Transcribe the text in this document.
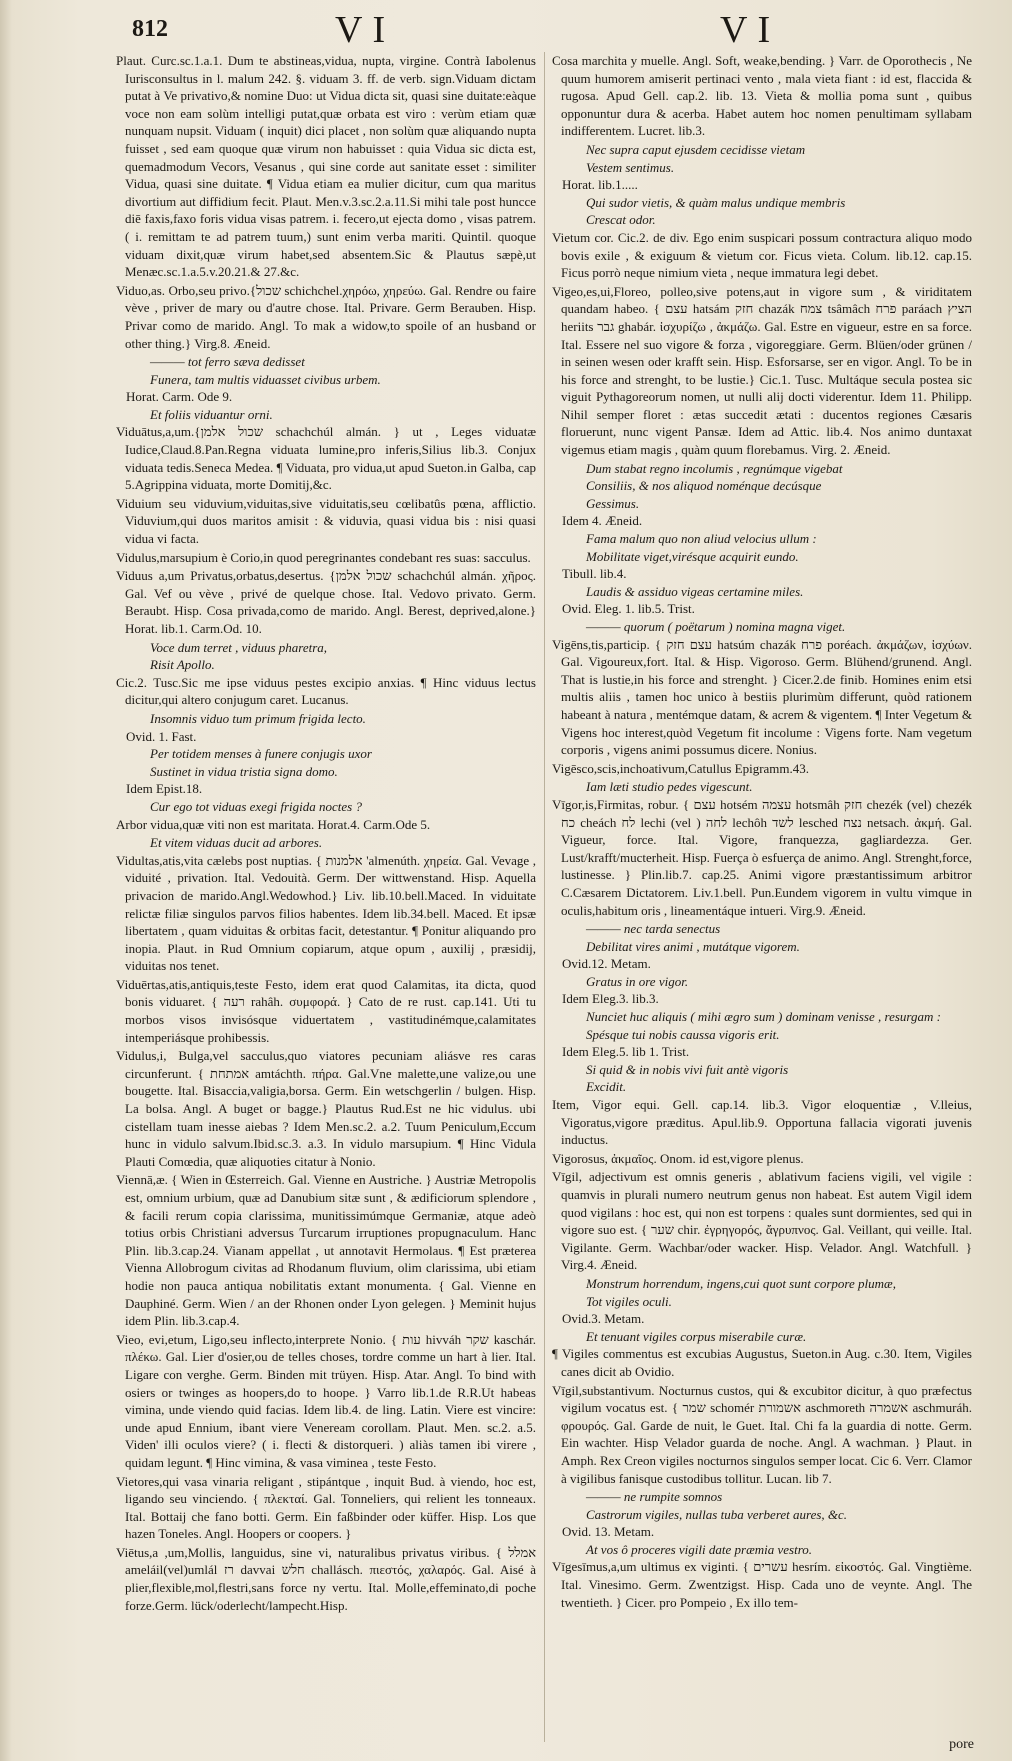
812	VI	VI
Plaut. Curc.sc.1.a.1. Dum te abstineas,vidua, nupta, virgine. Contrà Iabolenus Iurisconsultus in l. malum 242. §. viduam 3. ff. de verb. sign.Viduam dictam putat à Ve privativo,& nomine Duo: ut Vidua dicta sit, quasi sine duitate:eàque voce non eam solùm intelligi putat,quæ orbata est viro : verùm etiam quæ nunquam nupsit. Viduam ( inquit) dici placet , non solùm quæ aliquando nupta fuisset , sed eam quoque quæ virum non habuisset : quia Vidua sic dicta est, quemadmodum Vecors, Vesanus , qui sine corde aut sanitate esset : similiter Vidua, quasi sine duitate. ¶ Vidua etiam ea mulier dicitur, cum qua maritus divortium aut diffidium fecit. Plaut. Men.v.3.sc.2.a.11.Si mihi tale post huncce diē faxis,faxo foris vidua visas patrem. i. fecero,ut ejecta domo , visas patrem. ( i. remittam te ad patrem tuum,) sunt enim verba mariti. Quintil. quoque viduam dixit,quæ virum habet,sed absentem.Sic & Plautus sæpè,ut Menæc.sc.1.a.5.v.20.21.& 27.&c.
Viduo,as. Orbo,seu privo.{שכול schichchel.χηρόω, χηρεύω. Gal. Rendre ou faire vève , priver de mary ou d'autre chose. Ital. Privare. Germ Berauben. Hisp. Privar como de marido. Angl. To mak a widow,to spoile of an husband or other thing.} Virg.8. Æneid.
——— tot ferro sæva dedisset
Funera, tam multis viduasset civibus urbem.
Horat. Carm. Ode 9.
Et foliis viduantur orni.
Viduātus,a,um.{שכול אלמן schachchúl almán. } ut , Leges viduatæ Iudice,Claud.8.Pan.Regna viduata lumine,pro inferis,Silius lib.3. Conjux viduata tedis.Seneca Medea. ¶ Viduata, pro vidua,ut apud Sueton.in Galba, cap 5.Agrippina viduata, morte Domitij,&c.
Viduium seu viduvium,viduitas,sive viduitatis,seu cœlibatûs pœna, afflictio. Viduvium,qui duos maritos amisit : & viduvia, quasi vidua bis : nisi quasi vidua vi facta.
Vidulus,marsupium è Corio,in quod peregrinantes condebant res suas: sacculus.
Viduus a,um Privatus,orbatus,desertus. {שכול אלמן schachchúl almán. χῆρος. Gal. Vef ou vève , privé de quelque chose. Ital. Vedovo privato. Germ. Beraubt. Hisp. Cosa privada,como de marido. Angl. Berest, deprived,alone.} Horat. lib.1. Carm.Od. 10.
Voce dum terret , viduus pharetra,
Risit Apollo.
Cic.2. Tusc.Sic me ipse viduus pestes excipio anxias. ¶ Hinc viduus lectus dicitur,qui altero conjugum caret. Lucanus.
Insomnis viduo tum primum frigida lecto.
Ovid. 1. Fast.
Per totidem menses à funere conjugis uxor
Sustinet in vidua tristia signa domo.
Idem Epist.18.
Cur ego tot viduas exegi frigida noctes ?
Arbor vidua,quæ viti non est maritata. Horat.4. Carm.Ode 5.
Et vitem viduas ducit ad arbores.
Vidultas,atis,vita cælebs post nuptias. { אלמנות 'almenúth. χηρεία. Gal. Vevage , viduité , privation. Ital. Vedouità. Germ. Der wittwenstand. Hisp. Aquella privacion de marido.Angl.Wedowhod.} Liv. lib.10.bell.Maced. In viduitate relictæ filiæ singulos parvos filios habentes. Idem lib.34.bell. Maced. Et ipsæ libertatem , quam viduitas & orbitas facit, detestantur. ¶ Ponitur aliquando pro inopia. Plaut. in Rud Omnium copiarum, atque opum , auxilij , præsidij, viduitas nos tenet.
Viduērtas,atis,antiquis,teste Festo, idem erat quod Calamitas, ita dicta, quod bonis viduaret. { רעה rahâh. συμφορά. } Cato de re rust. cap.141. Uti tu morbos visos invisósque viduertatem , vastitudinémque,calamitates intemperiásque prohibessis.
Vidulus,i, Bulga,vel sacculus,quo viatores pecuniam aliásve res caras circunferunt. { אמתחת amtáchth. πήρα. Gal.Vne malette,une valize,ou une bougette. Ital. Bisaccia,valigia,borsa. Germ. Ein wetschgerlin / bulgen. Hisp. La bolsa. Angl. A buget or bagge.} Plautus Rud.Est ne hic vidulus. ubi cistellam tuam inesse aiebas ? Idem Men.sc.2. a.2. Tuum Peniculum,Eccum hunc in vidulo salvum.Ibid.sc.3. a.3. In vidulo marsupium. ¶ Hinc Vidula Plauti Comœdia, quæ aliquoties citatur à Nonio.
Viennā,æ. { Wien in Œsterreich. Gal. Vienne en Austriche. } Austriæ Metropolis est, omnium urbium, quæ ad Danubium sitæ sunt , & ædificiorum splendore , & facili rerum copia clarissima, munitissimúmque Germaniæ, atque adeò totius orbis Christiani adversus Turcarum irruptiones propugnaculum. Hanc Plin. lib.3.cap.24. Vianam appellat , ut annotavit Hermolaus. ¶ Est præterea Vienna Allobrogum civitas ad Rhodanum fluvium, olim clarissima, ubi etiam hodie non pauca antiqua nobilitatis extant monumenta. { Gal. Vienne en Dauphiné. Germ. Wien / an der Rhonen onder Lyon gelegen. } Meminit hujus idem Plin. lib.3.cap.4.
Vieo, evi,etum, Ligo,seu inflecto,interprete Nonio. { עות hivváh שקר kaschár. πλέκω. Gal. Lier d'osier,ou de telles choses, tordre comme un hart à lier. Ital. Ligare con verghe. Germ. Binden mit trüyen. Hisp. Atar. Angl. To bind with osiers or twinges as hoopers,do to hoope. } Varro lib.1.de R.R.Ut habeas vimina, unde viendo quid facias. Idem lib.4. de ling. Latin. Viere est vincire: unde apud Ennium, ibant viere Veneream corollam. Plaut. Men. sc.2. a.5. Viden' illi oculos viere? ( i. flecti & distorqueri. ) aliàs tamen ibi virere , quidam legunt. ¶ Hinc vimina, & vasa viminea , teste Festo.
Vietores,qui vasa vinaria religant , stipántque , inquit Bud. à viendo, hoc est, ligando seu vinciendo. { πλεκταί. Gal. Tonneliers, qui relient les tonneaux. Ital. Bottaij che fano botti. Germ. Ein faßbinder oder küffer. Hisp. Los que hazen Toneles. Angl. Hoopers or coopers. }
Viētus,a ,um,Mollis, languidus, sine vi, naturalibus privatus viribus. { אמלל ameláil(vel)umlál רז davvai חלש challásch. πιεστός, χαλαρός. Gal. Aisé à plier,flexible,mol,flestri,sans force ny vertu. Ital. Molle,effeminato,di poche forze.Germ. lück/oderlecht/lampecht.Hisp.
Cosa marchita y muelle. Angl. Soft, weake,bending. } Varr. de Oporothecis , Ne quum humorem amiserit pertinaci vento , mala vieta fiant : id est, flaccida & rugosa. Apud Gell. cap.2. lib. 13. Vieta & mollia poma sunt , quibus opponuntur dura & acerba. Habet autem hoc nomen penultimam syllabam indifferentem. Lucret. lib.3.
Nec supra caput ejusdem cecidisse vietam
Vestem sentimus.
Horat. lib.1.....
Qui sudor vietis, & quàm malus undique membris
Crescat odor.
Vietum cor. Cic.2. de div. Ego enim suspicari possum contractura aliquo modo bovis exile , & exiguum & vietum cor. Ficus vieta. Colum. lib.12. cap.15. Ficus porrò neque nimium vieta , neque immatura legi debet.
Vigeo,es,ui,Floreo, polleo,sive potens,aut in vigore sum , & viriditatem quandam habeo. { עצם hatsám חזק chazák צמח tsâmâch פרח paráach הציץ heriits גבר ghabár. ἰσχυρίζω , ἀκμάζω. Gal. Estre en vigueur, estre en sa force. Ital. Essere nel suo vigore & forza , vigoreggiare. Germ. Blüen/oder grünen / in seinen wesen oder krafft sein. Hisp. Esforsarse, ser en vigor. Angl. To be in his force and strenght, to be lustie.} Cic.1. Tusc. Multáque secula postea sic viguit Pythagoreorum nomen, ut nulli alij docti viderentur. Idem 11. Philipp. Nihil semper floret : ætas succedit ætati : ducentos regiones Cæsaris floruerunt, nunc vigent Pansæ. Idem ad Attic. lib.4. Nos animo duntaxat vigemus etiam magis , quàm quum florebamus. Virg. 2. Æneid.
Dum stabat regno incolumis , regnúmque vigebat
Consiliis, & nos aliquod noménque decúsque
Gessimus.
Idem 4. Æneid.
Fama malum quo non aliud velocius ullum :
Mobilitate viget,virésque acquirit eundo.
Tibull. lib.4.
Laudis & assiduo vigeas certamine miles.
Ovid. Eleg. 1. lib.5. Trist.
——— quorum ( poëtarum ) nomina magna viget.
Vigēns,tis,particip. { עצם חזק hatsúm chazák פרח poréach. ἀκμάζων, ἰσχύων. Gal. Vigoureux,fort. Ital. & Hisp. Vigoroso. Germ. Blühend/grunend. Angl. That is lustie,in his force and strenght. } Cicer.2.de finib. Homines enim etsi multis aliis , tamen hoc unico à bestiis plurimùm differunt, quòd rationem habeant à natura , mentémque datam, & acrem & vigentem. ¶ Inter Vegetum & Vigens hoc interest,quòd Vegetum fit incolume : Vigens forte. Nam vegetum corporis , vigens animi possumus dicere. Nonius.
Vigēsco,scis,inchoativum,Catullus Epigramm.43.
Iam læti studio pedes vigescunt.
Vīgor,is,Firmitas, robur. { עצם hotsém עצמה hotsmâh חזק chezék (vel) chezék כח cheách לח lechi (vel ) לחה lechôh לשד lesched נצח netsach. ἀκμή. Gal. Vigueur, force. Ital. Vigore, franquezza, gagliardezza. Ger. Lust/krafft/mucterheit. Hisp. Fuerça ò esfuerça de animo. Angl. Strenght,force, lustinesse. } Plin.lib.7. cap.25. Animi vigore præstantissimum arbitror C.Cæsarem Dictatorem. Liv.1.bell. Pun.Eundem vigorem in vultu vimque in oculis,habitum oris , lineamentáque intueri. Virg.9. Æneid.
——— nec tarda senectus
Debilitat vires animi , mutátque vigorem.
Ovid.12. Metam.
Gratus in ore vigor.
Idem Eleg.3. lib.3.
Nunciet huc aliquis ( mihi ægro sum ) dominam venisse , resurgam :
Spésque tui nobis caussa vigoris erit.
Idem Eleg.5. lib 1. Trist.
Si quid & in nobis vivi fuit antè vigoris
Excidit.
Item, Vigor equi. Gell. cap.14. lib.3. Vigor eloquentiæ , V.lleius, Vigoratus,vigore præditus. Apul.lib.9. Opportuna fallacia vigorati juvenis inductus.
Vigorosus, ἀκμαῖος. Onom. id est,vigore plenus.
Vīgil, adjectivum est omnis generis , ablativum faciens vigili, vel vigile : quamvis in plurali numero neutrum genus non habeat. Est autem Vigil idem quod vigilans : hoc est, qui non est torpens : quales sunt dormientes, sed qui in vigore suo est. { שער chir. ἐγρηγορός, ἄγρυπνος. Gal. Veillant, qui veille. Ital. Vigilante. Germ. Wachbar/oder wacker. Hisp. Velador. Angl. Watchfull. } Virg.4. Æneid.
Monstrum horrendum, ingens,cui quot sunt corpore plumæ,
Tot vigiles oculi.
Ovid.3. Metam.
Et tenuant vigiles corpus miserabile curæ.
¶ Vigiles commentus est excubias Augustus, Sueton.in Aug. c.30. Item, Vigiles canes dicit ab Ovidio.
Vīgil,substantivum. Nocturnus custos, qui & excubitor dicitur, à quo præfectus vigilum vocatus est. { שמר schomér אשמורת aschmoreth אשמרה aschmuráh. φρουρός. Gal. Garde de nuit, le Guet. Ital. Chi fa la guardia di notte. Germ. Ein wachter. Hisp Velador guarda de noche. Angl. A wachman. } Plaut. in Amph. Rex Creon vigiles nocturnos singulos semper locat. Cic 6. Verr. Clamor à vigilibus fanisque custodibus tollitur. Lucan. lib 7.
——— ne rumpite somnos
Castrorum vigiles, nullas tuba verberet aures, &c.
Ovid. 13. Metam.
At vos ô proceres vigili date præmia vestro.
Vīgesīmus,a,um ultimus ex viginti. { עשרים hesrím. εἰκοστός. Gal. Vingtième. Ital. Vinesimo. Germ. Zwentzigst. Hisp. Cada uno de veynte. Angl. The twentieth. } Cicer. pro Pompeio , Ex illo tem-
pore
